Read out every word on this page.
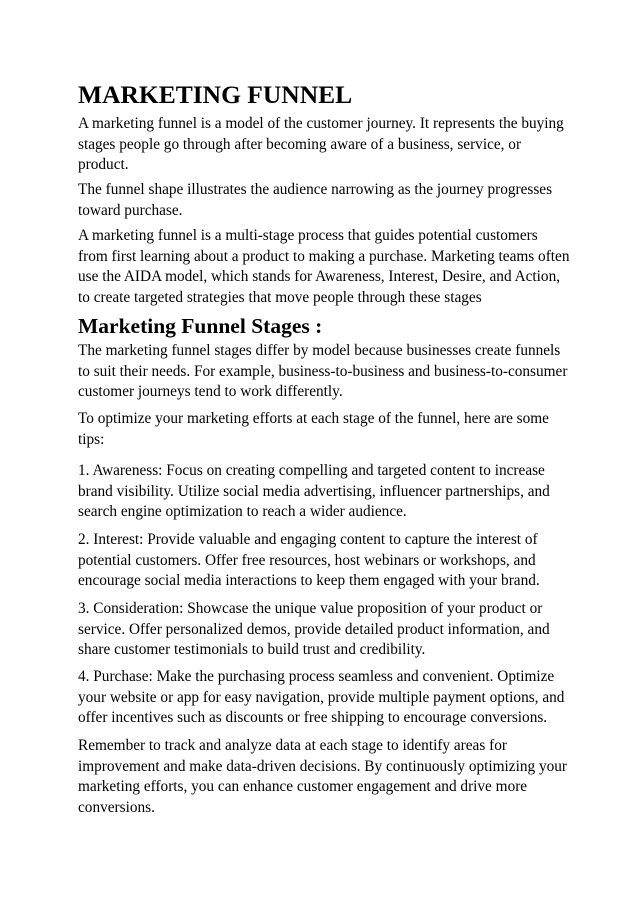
MARKETING FUNNEL

A marketing funnel is a model of the customer journey. It represents the buying
stages people go through after becoming aware of a business, service, or
product.

The funnel shape illustrates the audience narrowing as the journey progresses
toward purchase.

A marketing funnel is a multi-stage process that guides potential customers
from first learning about a product to making a purchase. Marketing teams often
use the AIDA model, which stands for Awareness, Interest, Desire, and Action,
to create targeted strategies that move people through these stages

Marketing Funnel Stages :

The marketing funnel stages differ by model because businesses create funnels
to suit their needs. For example, business-to-business and business-to-consumer
customer journeys tend to work differently.

To optimize your marketing efforts at each stage of the funnel, here are some
tips:

1. Awareness: Focus on creating compelling and targeted content to increase
brand visibility. Utilize social media advertising, influencer partnerships, and
search engine optimization to reach a wider audience.

2. Interest: Provide valuable and engaging content to capture the interest of
potential customers. Offer free resources, host webinars or workshops, and
encourage social media interactions to keep them engaged with your brand.

3. Consideration: Showcase the unique value proposition of your product or
service. Offer personalized demos, provide detailed product information, and
share customer testimonials to build trust and credibility.

4. Purchase: Make the purchasing process seamless and convenient. Optimize
your website or app for easy navigation, provide multiple payment options, and
offer incentives such as discounts or free shipping to encourage conversions.

Remember to track and analyze data at each stage to identify areas for
improvement and make data-driven decisions. By continuously optimizing your
marketing efforts, you can enhance customer engagement and drive more
conversions.
